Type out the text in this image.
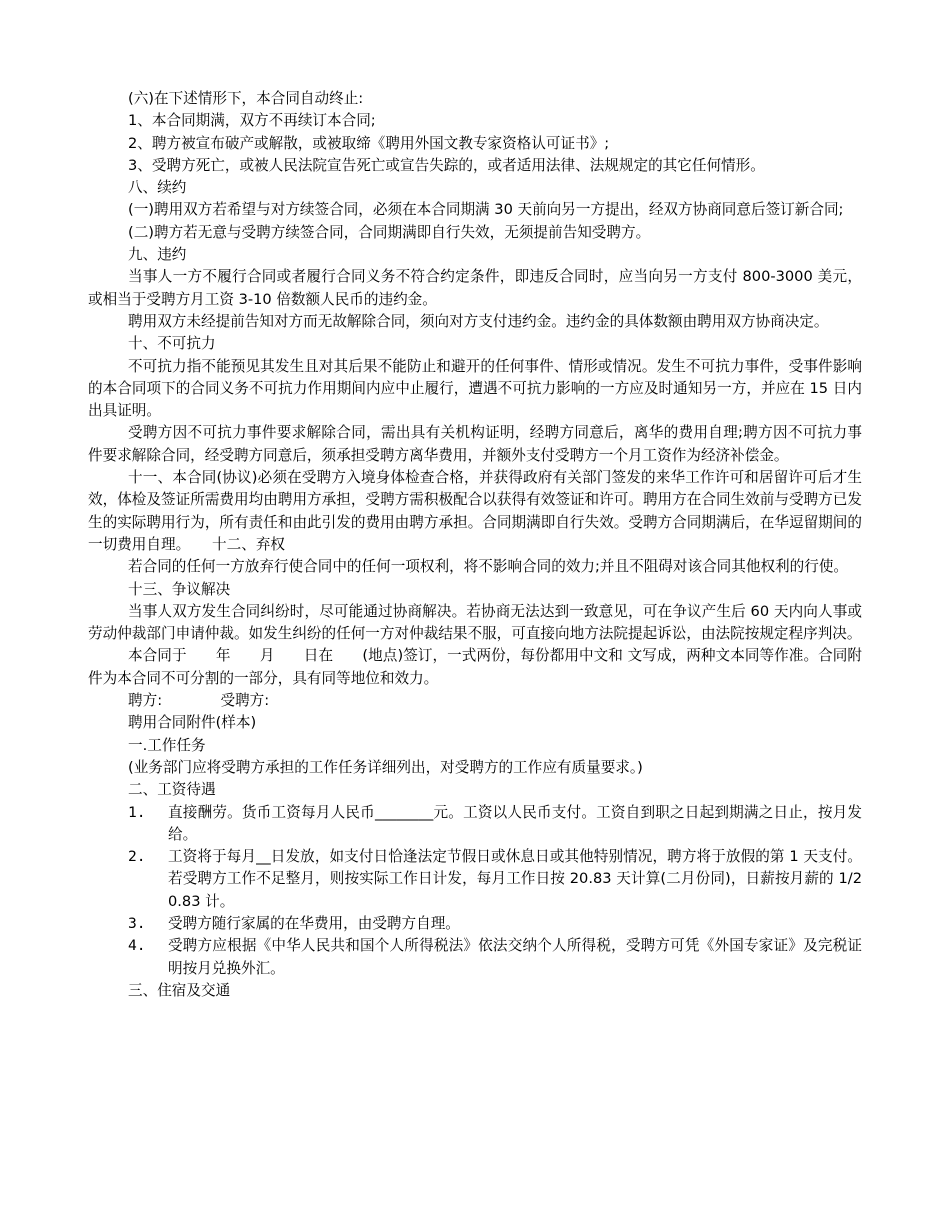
(六)在下述情形下，本合同自动终止:

1、本合同期满，双方不再续订本合同;

2、聘方被宣布破产或解散，或被取缔《聘用外国文教专家资格认可证书》;

3、受聘方死亡，或被人民法院宣告死亡或宣告失踪的，或者适用法律、法规规定的其它任何情形。

八、续约

(一)聘用双方若希望与对方续签合同，必须在本合同期满 30 天前向另一方提出，经双方协商同意后签订新合同;

(二)聘方若无意与受聘方续签合同，合同期满即自行失效，无须提前告知受聘方。

九、违约

当事人一方不履行合同或者履行合同义务不符合约定条件，即违反合同时，应当向另一方支付 800-3000 美元，或相当于受聘方月工资 3-10 倍数额人民币的违约金。

聘用双方未经提前告知对方而无故解除合同，须向对方支付违约金。违约金的具体数额由聘用双方协商决定。

十、不可抗力

不可抗力指不能预见其发生且对其后果不能防止和避开的任何事件、情形或情况。发生不可抗力事件，受事件影响的本合同项下的合同义务不可抗力作用期间内应中止履行，遭遇不可抗力影响的一方应及时通知另一方，并应在 15 日内出具证明。

受聘方因不可抗力事件要求解除合同，需出具有关机构证明，经聘方同意后，离华的费用自理;聘方因不可抗力事件要求解除合同，经受聘方同意后，须承担受聘方离华费用，并额外支付受聘方一个月工资作为经济补偿金。

十一、本合同(协议)必须在受聘方入境身体检查合格，并获得政府有关部门签发的来华工作许可和居留许可后才生效，体检及签证所需费用均由聘用方承担，受聘方需积极配合以获得有效签证和许可。聘用方在合同生效前与受聘方已发生的实际聘用行为，所有责任和由此引发的费用由聘方承担。合同期满即自行失效。受聘方合同期满后，在华逗留期间的一切费用自理。　　十二、弃权

若合同的任何一方放弃行使合同中的任何一项权利，将不影响合同的效力;并且不阻碍对该合同其他权利的行使。

十三、争议解决

当事人双方发生合同纠纷时，尽可能通过协商解决。若协商无法达到一致意见，可在争议产生后 60 天内向人事或劳动仲裁部门申请仲裁。如发生纠纷的任何一方对仲裁结果不服，可直接向地方法院提起诉讼，由法院按规定程序判决。

本合同于　　年　　月　　日在　　(地点)签订，一式两份，每份都用中文和 文写成，两种文本同等作准。合同附件为本合同不可分割的一部分，具有同等地位和效力。

聘方:　　　　受聘方:

聘用合同附件(样本)

一.工作任务

(业务部门应将受聘方承担的工作任务详细列出，对受聘方的工作应有质量要求。)

二、工资待遇

1.	直接酬劳。货币工资每月人民币________元。工资以人民币支付。工资自到职之日起到期满之日止，按月发给。
2.	工资将于每月__日发放，如支付日恰逢法定节假日或休息日或其他特别情况，聘方将于放假的第 1 天支付。若受聘方工作不足整月，则按实际工作日计发，每月工作日按 20.83 天计算(二月份同)，日薪按月薪的 1/20.83 计。
3.	受聘方随行家属的在华费用，由受聘方自理。
4.	受聘方应根据《中华人民共和国个人所得税法》依法交纳个人所得税，受聘方可凭《外国专家证》及完税证明按月兑换外汇。

三、住宿及交通
